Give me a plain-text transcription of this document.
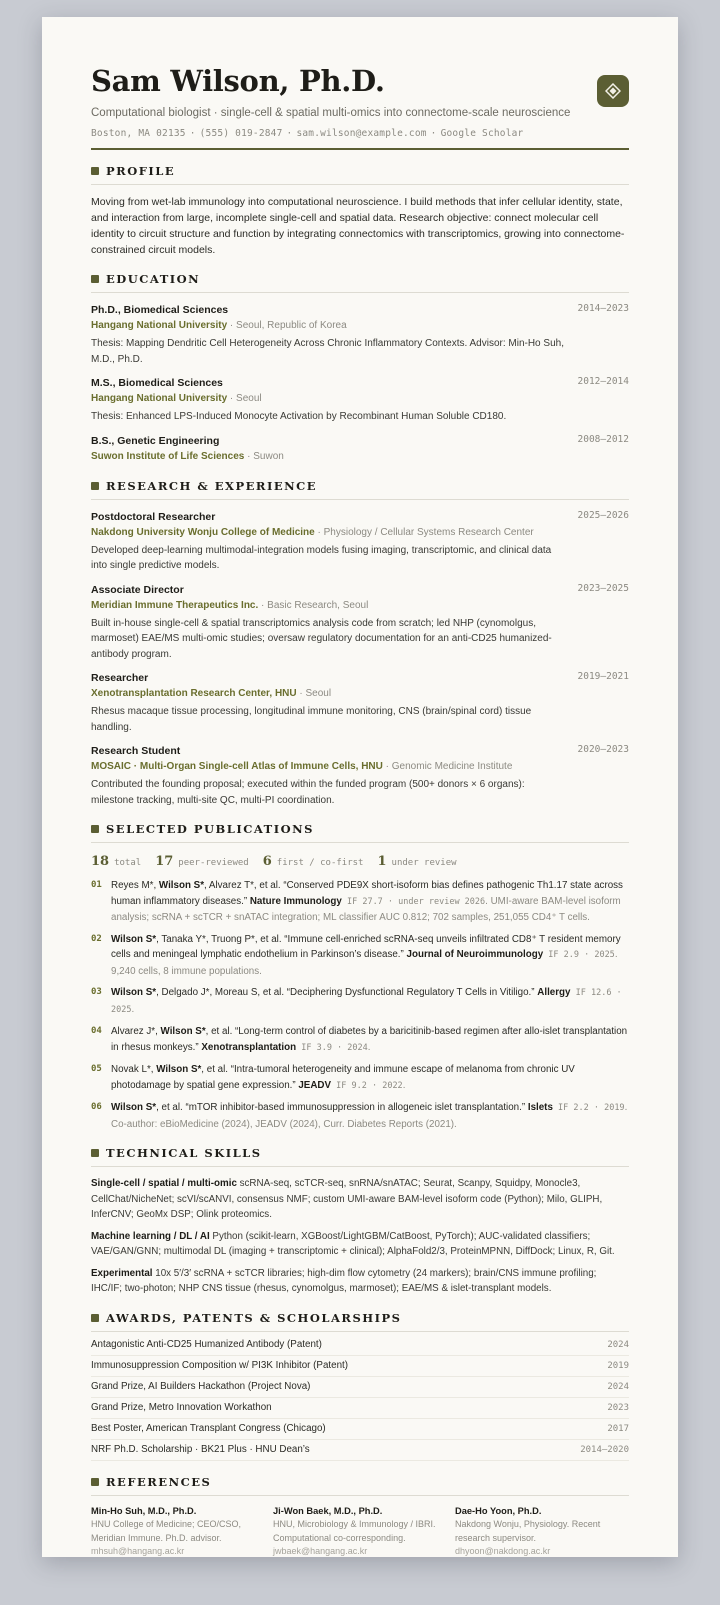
Sam Wilson, Ph.D.
Computational biologist · single-cell & spatial multi-omics into connectome-scale neuroscience
Boston, MA 02135 · (555) 019-2847 · sam.wilson@example.com · Google Scholar
PROFILE
Moving from wet-lab immunology into computational neuroscience. I build methods that infer cellular identity, state, and interaction from large, incomplete single-cell and spatial data. Research objective: connect molecular cell identity to circuit structure and function by integrating connectomics with transcriptomics, growing into connectome-constrained circuit models.
EDUCATION
Ph.D., Biomedical Sciences	2014–2023
Hangang National University · Seoul, Republic of Korea
Thesis: Mapping Dendritic Cell Heterogeneity Across Chronic Inflammatory Contexts. Advisor: Min-Ho Suh, M.D., Ph.D.
M.S., Biomedical Sciences	2012–2014
Hangang National University · Seoul
Thesis: Enhanced LPS-Induced Monocyte Activation by Recombinant Human Soluble CD180.
B.S., Genetic Engineering	2008–2012
Suwon Institute of Life Sciences · Suwon
RESEARCH & EXPERIENCE
Postdoctoral Researcher	2025–2026
Nakdong University Wonju College of Medicine · Physiology / Cellular Systems Research Center
Developed deep-learning multimodal-integration models fusing imaging, transcriptomic, and clinical data into single predictive models.
Associate Director	2023–2025
Meridian Immune Therapeutics Inc. · Basic Research, Seoul
Built in-house single-cell & spatial transcriptomics analysis code from scratch; led NHP (cynomolgus, marmoset) EAE/MS multi-omic studies; oversaw regulatory documentation for an anti-CD25 humanized-antibody program.
Researcher	2019–2021
Xenotransplantation Research Center, HNU · Seoul
Rhesus macaque tissue processing, longitudinal immune monitoring, CNS (brain/spinal cord) tissue handling.
Research Student	2020–2023
MOSAIC · Multi-Organ Single-cell Atlas of Immune Cells, HNU · Genomic Medicine Institute
Contributed the founding proposal; executed within the funded program (500+ donors × 6 organs): milestone tracking, multi-site QC, multi-PI coordination.
SELECTED PUBLICATIONS
18 total 17 peer-reviewed 6 first / co-first 1 under review
01 Reyes M*, Wilson S*, Alvarez T*, et al. “Conserved PDE9X short-isoform bias defines pathogenic Th1.17 state across human inflammatory diseases.” Nature Immunology IF 27.7 · under review 2026. UMI-aware BAM-level isoform analysis; scRNA + scTCR + snATAC integration; ML classifier AUC 0.812; 702 samples, 251,055 CD4⁺ T cells.
02 Wilson S*, Tanaka Y*, Truong P*, et al. “Immune cell-enriched scRNA-seq unveils infiltrated CD8⁺ T resident memory cells and meningeal lymphatic endothelium in Parkinson’s disease.” Journal of Neuroimmunology IF 2.9 · 2025. 9,240 cells, 8 immune populations.
03 Wilson S*, Delgado J*, Moreau S, et al. “Deciphering Dysfunctional Regulatory T Cells in Vitiligo.” Allergy IF 12.6 · 2025.
04 Alvarez J*, Wilson S*, et al. “Long-term control of diabetes by a baricitinib-based regimen after allo-islet transplantation in rhesus monkeys.” Xenotransplantation IF 3.9 · 2024.
05 Novak L*, Wilson S*, et al. “Intra-tumoral heterogeneity and immune escape of melanoma from chronic UV photodamage by spatial gene expression.” JEADV IF 9.2 · 2022.
06 Wilson S*, et al. “mTOR inhibitor-based immunosuppression in allogeneic islet transplantation.” Islets IF 2.2 · 2019. Co-author: eBioMedicine (2024), JEADV (2024), Curr. Diabetes Reports (2021).
TECHNICAL SKILLS
Single-cell / spatial / multi-omic scRNA-seq, scTCR-seq, snRNA/snATAC; Seurat, Scanpy, Squidpy, Monocle3, CellChat/NicheNet; scVI/scANVI, consensus NMF; custom UMI-aware BAM-level isoform code (Python); Milo, GLIPH, InferCNV; GeoMx DSP; Olink proteomics.
Machine learning / DL / AI Python (scikit-learn, XGBoost/LightGBM/CatBoost, PyTorch); AUC-validated classifiers; VAE/GAN/GNN; multimodal DL (imaging + transcriptomic + clinical); AlphaFold2/3, ProteinMPNN, DiffDock; Linux, R, Git.
Experimental 10x 5′/3′ scRNA + scTCR libraries; high-dim flow cytometry (24 markers); brain/CNS immune profiling; IHC/IF; two-photon; NHP CNS tissue (rhesus, cynomolgus, marmoset); EAE/MS & islet-transplant models.
AWARDS, PATENTS & SCHOLARSHIPS
Antagonistic Anti-CD25 Humanized Antibody (Patent)	2024
Immunosuppression Composition w/ PI3K Inhibitor (Patent)	2019
Grand Prize, AI Builders Hackathon (Project Nova)	2024
Grand Prize, Metro Innovation Workathon	2023
Best Poster, American Transplant Congress (Chicago)	2017
NRF Ph.D. Scholarship · BK21 Plus · HNU Dean’s	2014–2020
REFERENCES
Min-Ho Suh, M.D., Ph.D.
HNU College of Medicine; CEO/CSO, Meridian Immune. Ph.D. advisor.
mhsuh@hangang.ac.kr
Ji-Won Baek, M.D., Ph.D.
HNU, Microbiology & Immunology / IBRI. Computational co-corresponding.
jwbaek@hangang.ac.kr
Dae-Ho Yoon, Ph.D.
Nakdong Wonju, Physiology. Recent research supervisor.
dhyoon@nakdong.ac.kr
